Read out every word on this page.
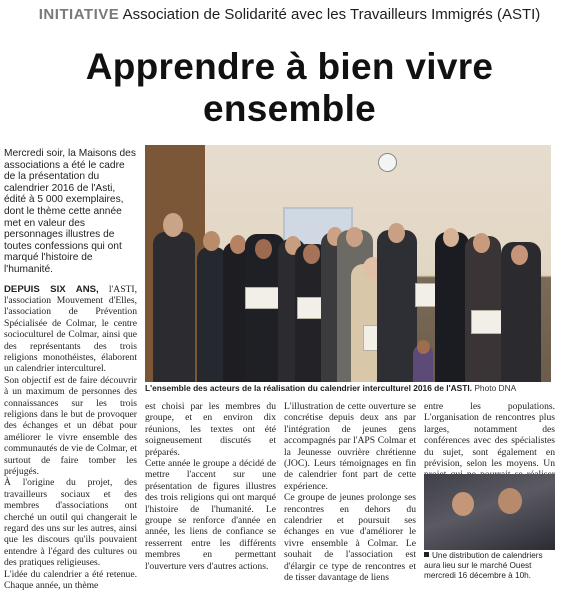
INITIATIVE Association de Solidarité avec les Travailleurs Immigrés (ASTI)
Apprendre à bien vivre
ensemble

Mercredi soir, la Maisons des associations a été le cadre de la présentation du calendrier 2016 de l'Asti, édité à 5 000 exemplaires, dont le thème cette année met en valeur des personnages illustres de toutes confessions qui ont marqué l'histoire de l'humanité.

DEPUIS SIX ANS, l'ASTI, l'association Mouvement d'Elles, l'association de Prévention Spécialisée de Colmar, le centre socioculturel de Colmar, ainsi que des représentants des trois religions monothéistes, élaborent un calendrier interculturel.

Son objectif est de faire découvrir à un maximum de personnes des connaissances sur les trois religions dans le but de provoquer des échanges et un débat pour améliorer le vivre ensemble des communautés de vie de Colmar, et surtout de faire tomber les préjugés.

À l'origine du projet, des travailleurs sociaux et des membres d'associations ont cherché un outil qui changerait le regard des uns sur les autres, ainsi que les discours qu'ils pouvaient entendre à l'égard des cultures ou des pratiques religieuses.

L'idée du calendrier a été retenue. Chaque année, un thème

L'ensemble des acteurs de la réalisation du calendrier interculturel 2016 de l'ASTI. Photo DNA

est choisi par les membres du groupe, et en environ dix réunions, les textes ont été soigneusement discutés et préparés.

Cette année le groupe a décidé de mettre l'accent sur une présentation de figures illustres des trois religions qui ont marqué l'histoire de l'humanité. Le groupe se renforce d'année en année, les liens de confiance se resserrent entre les différents membres en permettant l'ouverture vers d'autres actions.

L'illustration de cette ouverture se concrétise depuis deux ans par l'intégration de jeunes gens accompagnés par l'APS Colmar et la Jeunesse ouvrière chrétienne (JOC). Leurs témoignages en fin de calendrier font part de cette expérience.

Ce groupe de jeunes prolonge ses rencontres en dehors du calendrier et poursuit ses échanges en vue d'améliorer le vivre ensemble à Colmar. Le souhait de l'association est d'élargir ce type de rencontres et de tisser davantage de liens

entre les populations. L'organisation de rencontres plus larges, notamment des conférences avec des spécialistes du sujet, sont également en prévision, selon les moyens. Un

Une distribution de calendriers aura lieu sur le marché Ouest mercredi 16 décembre à 10h.
